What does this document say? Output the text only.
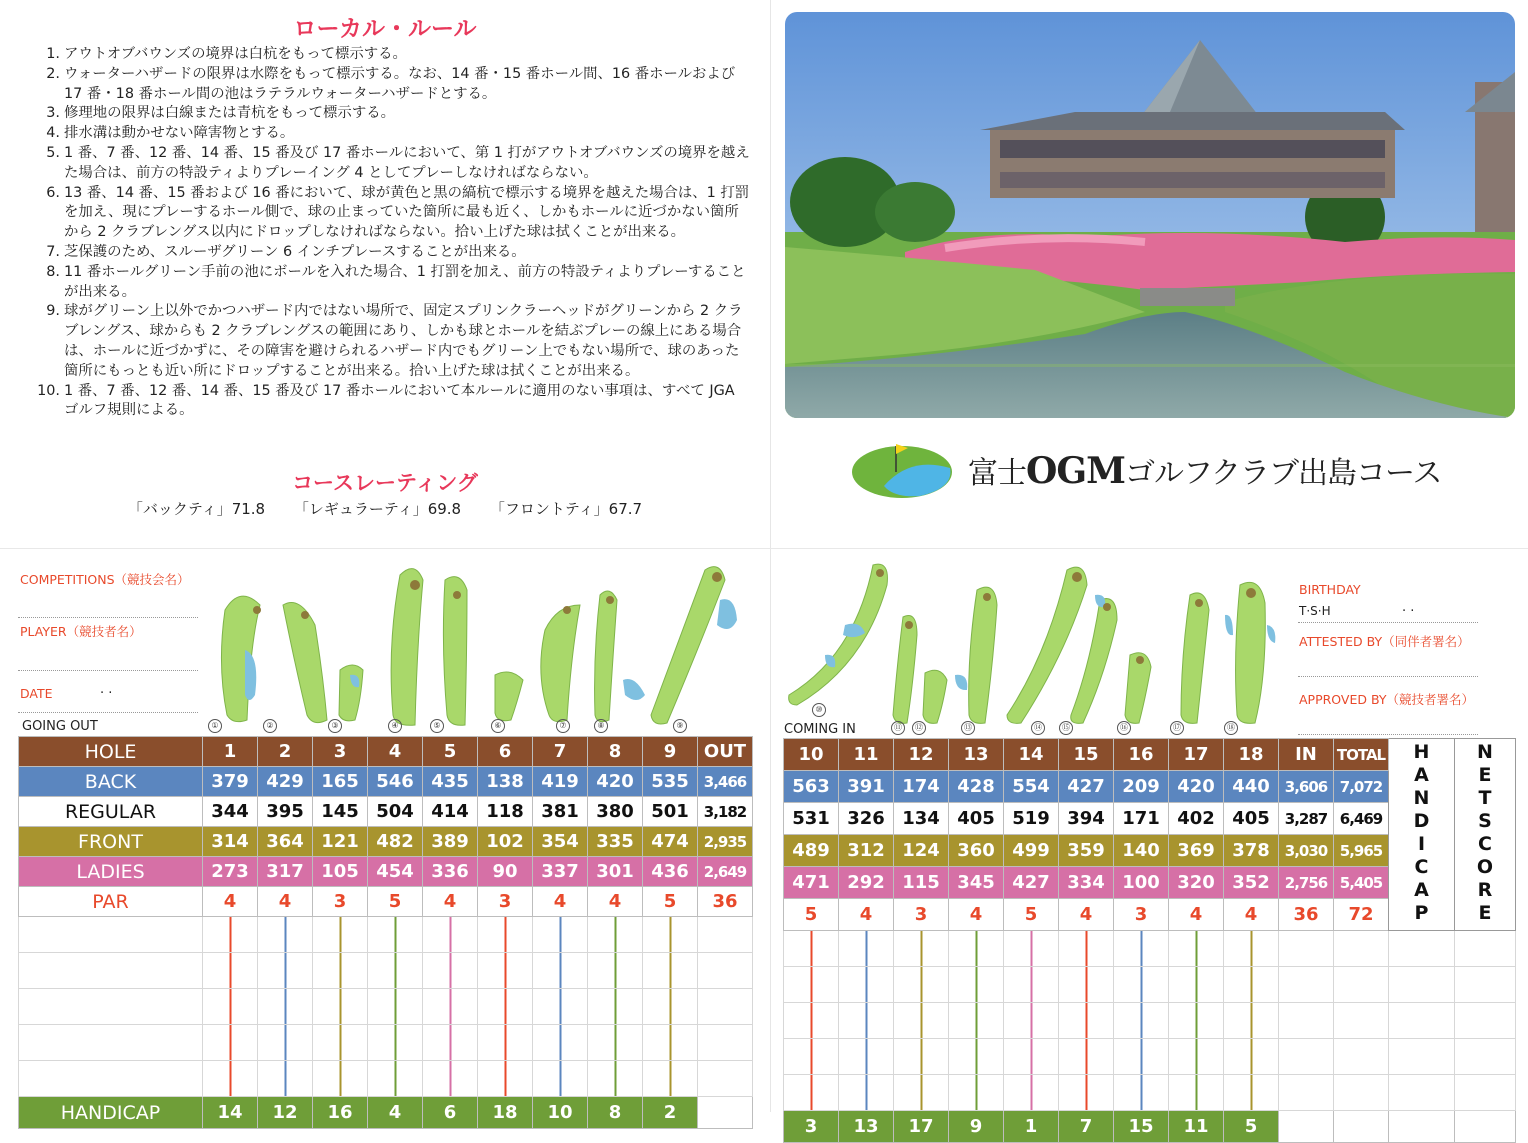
ローカル・ルール
1. アウトオブバウンズの境界は白杭をもって標示する。
2. ウォーターハザードの限界は水際をもって標示する。なお、14 番・15 番ホール間、16 番ホールおよび 17 番・18 番ホール間の池はラテラルウォーターハザードとする。
3. 修理地の限界は白線または青杭をもって標示する。
4. 排水溝は動かせない障害物とする。
5. 1 番、7 番、12 番、14 番、15 番及び 17 番ホールにおいて、第 1 打がアウトオブバウンズの境界を越えた場合は、前方の特設ティよりプレーイング 4 としてプレーしなければならない。
6. 13 番、14 番、15 番および 16 番において、球が黄色と黒の縞杭で標示する境界を越えた場合は、1 打罰を加え、現にプレーするホール側で、球の止まっていた箇所に最も近く、しかもホールに近づかない箇所から 2 クラブレングス以内にドロップしなければならない。拾い上げた球は拭くことが出来る。
7. 芝保護のため、スルーザグリーン 6 インチプレースすることが出来る。
8. 11 番ホールグリーン手前の池にボールを入れた場合、1 打罰を加え、前方の特設ティよりプレーすることが出来る。
9. 球がグリーン上以外でかつハザード内ではない場所で、固定スプリンクラーヘッドがグリーンから 2 クラブレングス、球からも 2 クラブレングスの範囲にあり、しかも球とホールを結ぶプレーの線上にある場合は、ホールに近づかずに、その障害を避けられるハザード内でもグリーン上でもない場所で、球のあった箇所にもっとも近い所にドロップすることが出来る。拾い上げた球は拭くことが出来る。
10. 1 番、7 番、12 番、14 番、15 番及び 17 番ホールにおいて本ルールに適用のない事項は、すべて JGA ゴルフ規則による。
コースレーティング
「バックティ」71.8 「レギュラーティ」69.8 「フロントティ」67.7
富士OGMゴルフクラブ出島コース
COMPETITIONS（競技会名）
PLAYER（競技者名）
DATE	. .
GOING OUT
BIRTHDAY
T·S·H	. .
ATTESTED BY（同伴者署名）
APPROVED BY（競技者署名）
COMING IN
①	②	③	④	⑤	⑥	⑦	⑧	⑨
⑩
⑪	⑫	⑬	⑭	⑮	⑯	⑰	⑱
HOLE	1	2	3	4	5	6	7	8	9	OUT
BACK	379	429	165	546	435	138	419	420	535	3,466
REGULAR	344	395	145	504	414	118	381	380	501	3,182
FRONT	314	364	121	482	389	102	354	335	474	2,935
LADIES	273	317	105	454	336	90	337	301	436	2,649
PAR	4	4	3	5	4	3	4	4	5	36

HANDICAP	14	12	16	4	6	18	10	8	2	
10	11	12	13	14	15	16	17	18	IN	TOTAL	HANDICAP	NETSCORE
563	391	174	428	554	427	209	420	440	3,606	7,072		
531	326	134	405	519	394	171	402	405	3,287	6,469		
489	312	124	360	499	359	140	369	378	3,030	5,965		
471	292	115	345	427	334	100	320	352	2,756	5,405		
5	4	3	4	5	4	3	4	4	36	72		

3	13	17	9	1	7	15	11	5				
